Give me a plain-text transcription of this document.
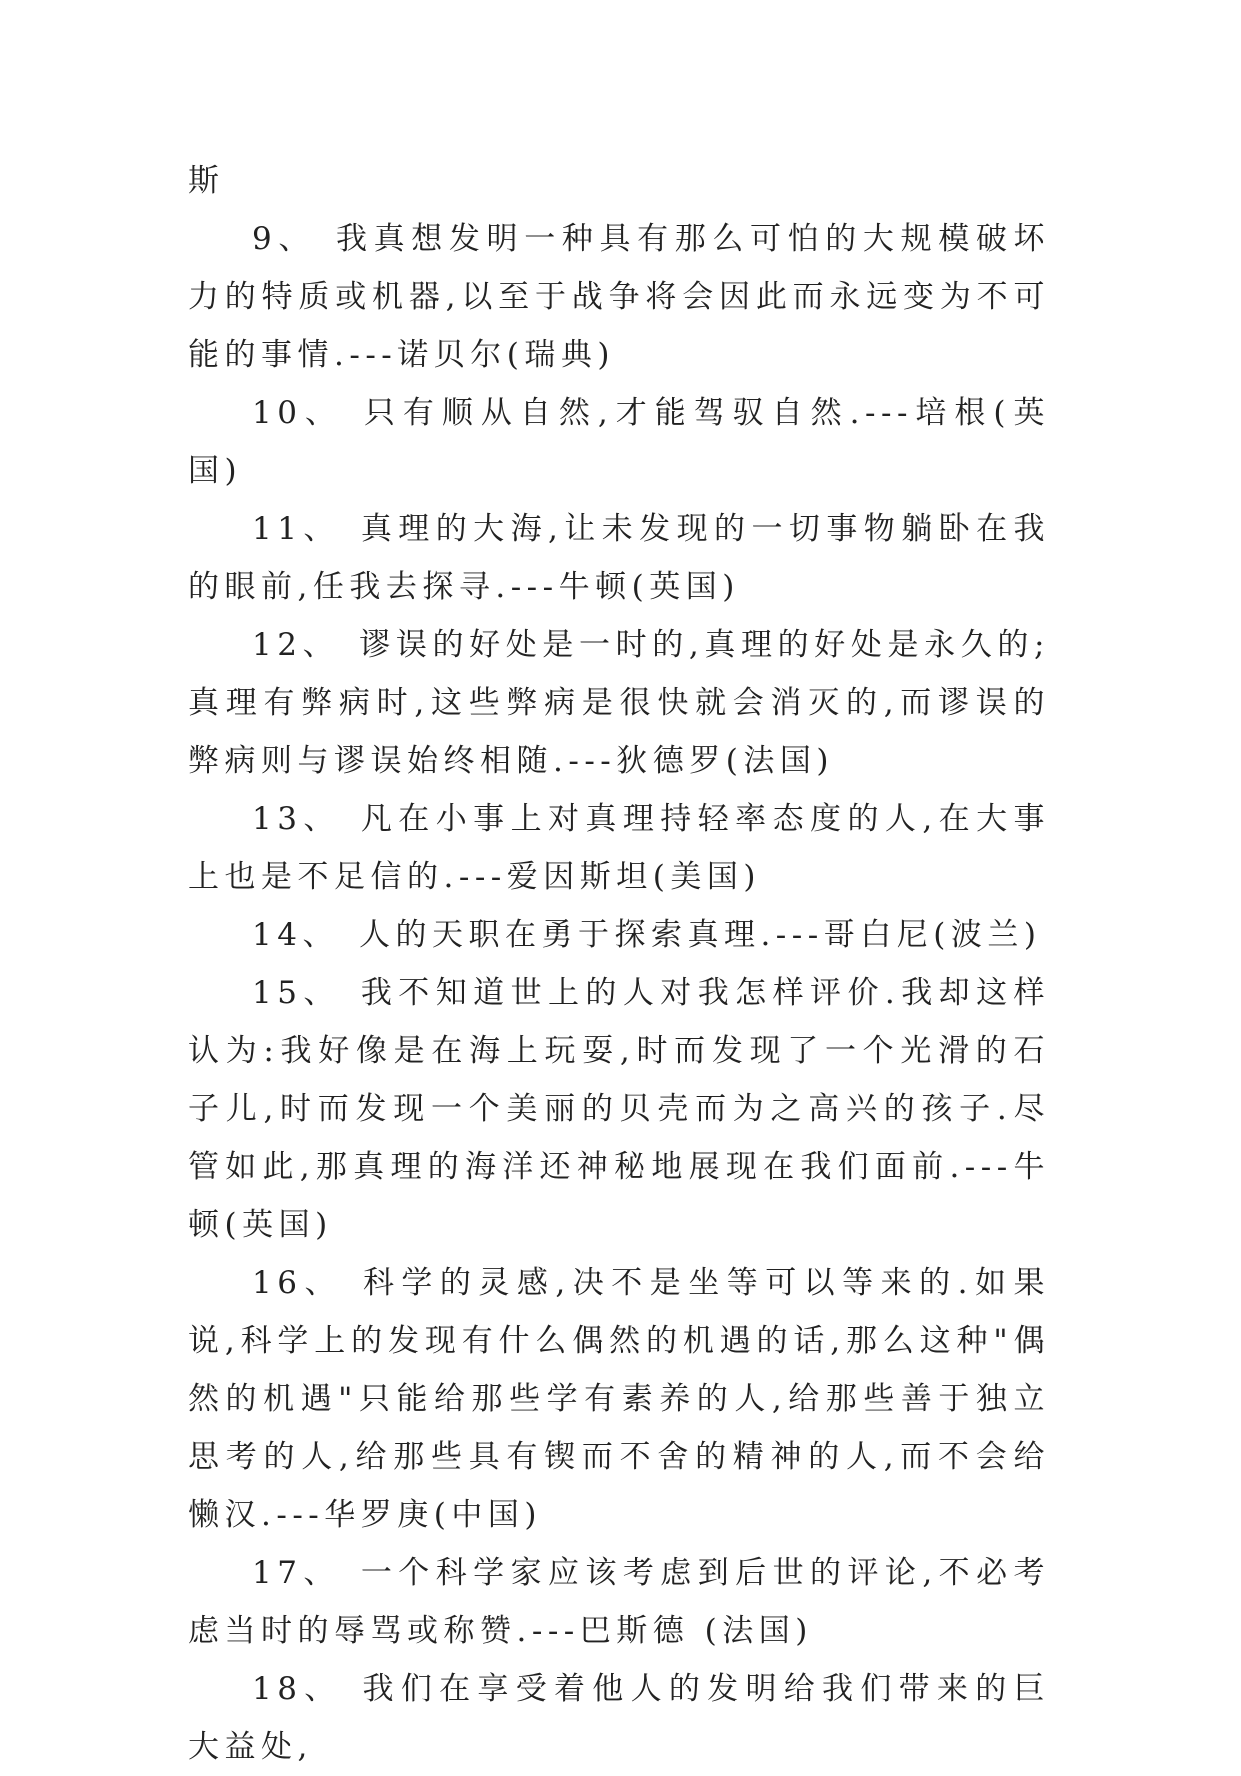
斯

9、 我真想发明一种具有那么可怕的大规模破坏力的特质或机器,以至于战争将会因此而永远变为不可能的事情.---诺贝尔(瑞典)

10、 只有顺从自然,才能驾驭自然.---培根(英国)

11、 真理的大海,让未发现的一切事物躺卧在我的眼前,任我去探寻.---牛顿(英国)

12、 谬误的好处是一时的,真理的好处是永久的;真理有弊病时,这些弊病是很快就会消灭的,而谬误的弊病则与谬误始终相随.---狄德罗(法国)

13、 凡在小事上对真理持轻率态度的人,在大事上也是不足信的.---爱因斯坦(美国)

14、 人的天职在勇于探索真理.---哥白尼(波兰)

15、 我不知道世上的人对我怎样评价.我却这样认为:我好像是在海上玩耍,时而发现了一个光滑的石子儿,时而发现一个美丽的贝壳而为之高兴的孩子.尽管如此,那真理的海洋还神秘地展现在我们面前.---牛顿(英国)

16、 科学的灵感,决不是坐等可以等来的.如果说,科学上的发现有什么偶然的机遇的话,那么这种"偶然的机遇"只能给那些学有素养的人,给那些善于独立思考的人,给那些具有锲而不舍的精神的人,而不会给懒汉.---华罗庚(中国)

17、 一个科学家应该考虑到后世的评论,不必考虑当时的辱骂或称赞.---巴斯德 (法国)

18、 我们在享受着他人的发明给我们带来的巨大益处,
